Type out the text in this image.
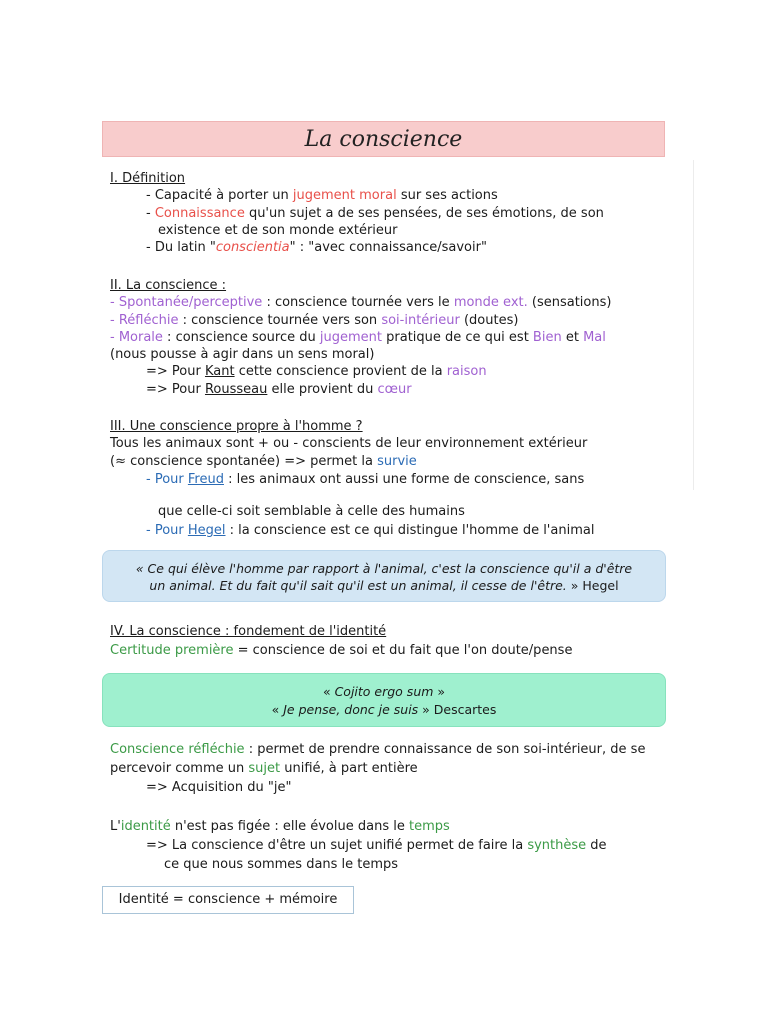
La conscience
I. Définition
- Capacité à porter un jugement moral sur ses actions
- Connaissance qu'un sujet a de ses pensées, de ses émotions, de son
existence et de son monde extérieur
- Du latin "conscientia" : "avec connaissance/savoir"
II. La conscience :
- Spontanée/perceptive : conscience tournée vers le monde ext. (sensations)
- Réfléchie : conscience tournée vers son soi-intérieur (doutes)
- Morale : conscience source du jugement pratique de ce qui est Bien et Mal
(nous pousse à agir dans un sens moral)
=> Pour Kant cette conscience provient de la raison
=> Pour Rousseau elle provient du cœur
III. Une conscience propre à l'homme ?
Tous les animaux sont + ou - conscients de leur environnement extérieur
(≈ conscience spontanée) => permet la survie
- Pour Freud : les animaux ont aussi une forme de conscience, sans
que celle-ci soit semblable à celle des humains
- Pour Hegel : la conscience est ce qui distingue l'homme de l'animal
« Ce qui élève l'homme par rapport à l'animal, c'est la conscience qu'il a d'être
un animal. Et du fait qu'il sait qu'il est un animal, il cesse de l'être. » Hegel
IV. La conscience : fondement de l'identité
Certitude première = conscience de soi et du fait que l'on doute/pense
« Cojito ergo sum »
« Je pense, donc je suis » Descartes
Conscience réfléchie : permet de prendre connaissance de son soi-intérieur, de se
percevoir comme un sujet unifié, à part entière
=> Acquisition du "je"
L'identité n'est pas figée : elle évolue dans le temps
=> La conscience d'être un sujet unifié permet de faire la synthèse de
ce que nous sommes dans le temps
Identité = conscience + mémoire
